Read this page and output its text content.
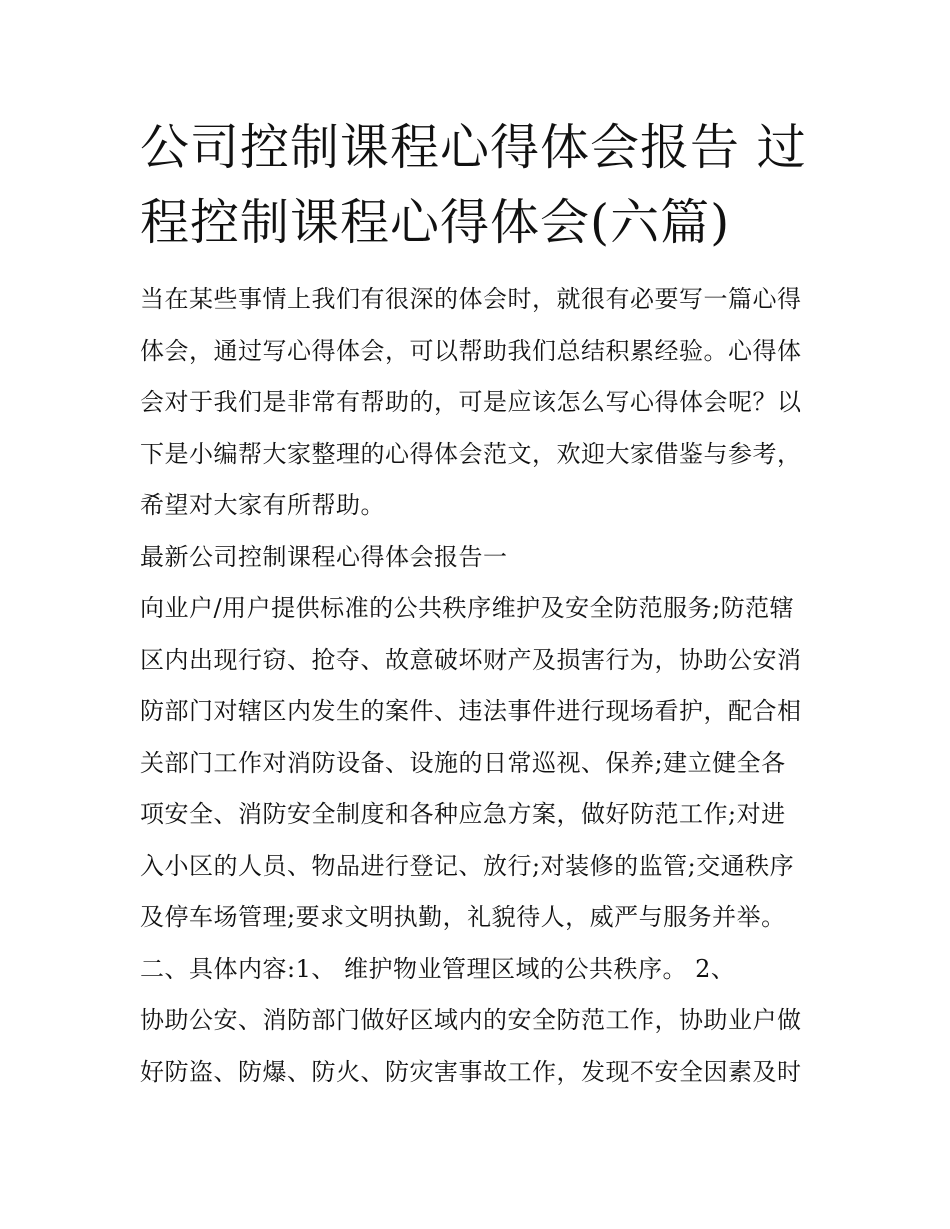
公司控制课程心得体会报告 过
程控制课程心得体会(六篇)
当在某些事情上我们有很深的体会时，就很有必要写一篇心得
体会，通过写心得体会，可以帮助我们总结积累经验。心得体
会对于我们是非常有帮助的，可是应该怎么写心得体会呢？以
下是小编帮大家整理的心得体会范文，欢迎大家借鉴与参考，
希望对大家有所帮助。
最新公司控制课程心得体会报告一
向业户/用户提供标准的公共秩序维护及安全防范服务;防范辖
区内出现行窃、抢夺、故意破坏财产及损害行为，协助公安消
防部门对辖区内发生的案件、违法事件进行现场看护，配合相
关部门工作对消防设备、设施的日常巡视、保养;建立健全各
项安全、消防安全制度和各种应急方案，做好防范工作;对进
入小区的人员、物品进行登记、放行;对装修的监管;交通秩序
及停车场管理;要求文明执勤，礼貌待人，威严与服务并举。
二、具体内容:1、 维护物业管理区域的公共秩序。 2、
协助公安、消防部门做好区域内的安全防范工作，协助业户做
好防盗、防爆、防火、防灾害事故工作，发现不安全因素及时
